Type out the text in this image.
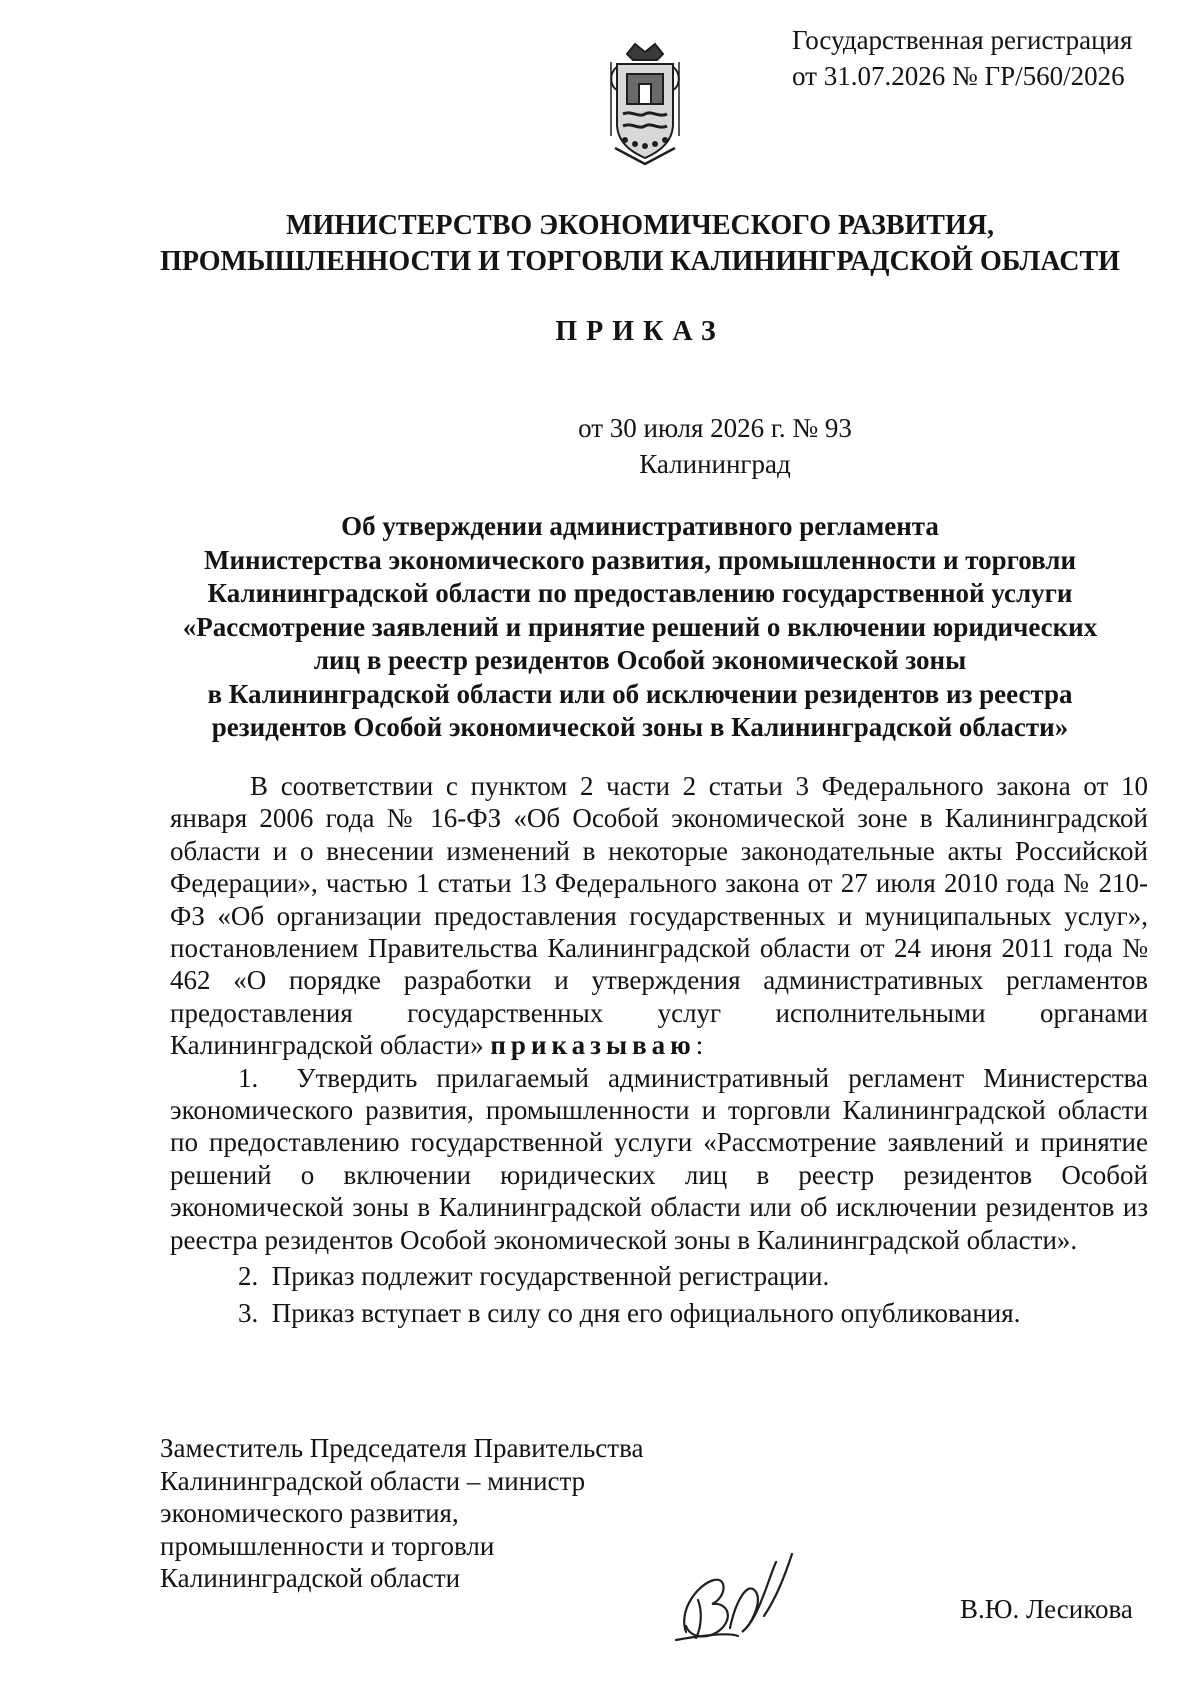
Государственная регистрация
от 31.07.2026 № ГР/560/2026
МИНИСТЕРСТВО ЭКОНОМИЧЕСКОГО РАЗВИТИЯ,
ПРОМЫШЛЕННОСТИ И ТОРГОВЛИ КАЛИНИНГРАДСКОЙ ОБЛАСТИ
ПРИКАЗ
от 30 июля 2026 г. № 93
Калининград
Об утверждении административного регламента
Министерства экономического развития, промышленности и торговли
Калининградской области по предоставлению государственной услуги
«Рассмотрение заявлений и принятие решений о включении юридических
лиц в реестр резидентов Особой экономической зоны
в Калининградской области или об исключении резидентов из реестра
резидентов Особой экономической зоны в Калининградской области»

В соответствии с пунктом 2 части 2 статьи 3 Федерального закона от 10 января 2006 года № 16-ФЗ «Об Особой экономической зоне в Калининградской области и о внесении изменений в некоторые законодательные акты Российской Федерации», частью 1 статьи 13 Федерального закона от 27 июля 2010 года № 210-ФЗ «Об организации предоставления государственных и муниципальных услуг», постановлением Правительства Калининградской области от 24 июня 2011 года № 462 «О порядке разработки и утверждения административных регламентов предоставления государственных услуг исполнительными органами Калининградской области» приказываю:

1. Утвердить прилагаемый административный регламент Министерства экономического развития, промышленности и торговли Калининградской области по предоставлению государственной услуги «Рассмотрение заявлений и принятие решений о включении юридических лиц в реестр резидентов Особой экономической зоны в Калининградской области или об исключении резидентов из реестра резидентов Особой экономической зоны в Калининградской области».

2. Приказ подлежит государственной регистрации.

3. Приказ вступает в силу со дня его официального опубликования.

Заместитель Председателя Правительства
Калининградской области – министр
экономического развития,
промышленности и торговли
Калининградской области
В.Ю. Лесикова
